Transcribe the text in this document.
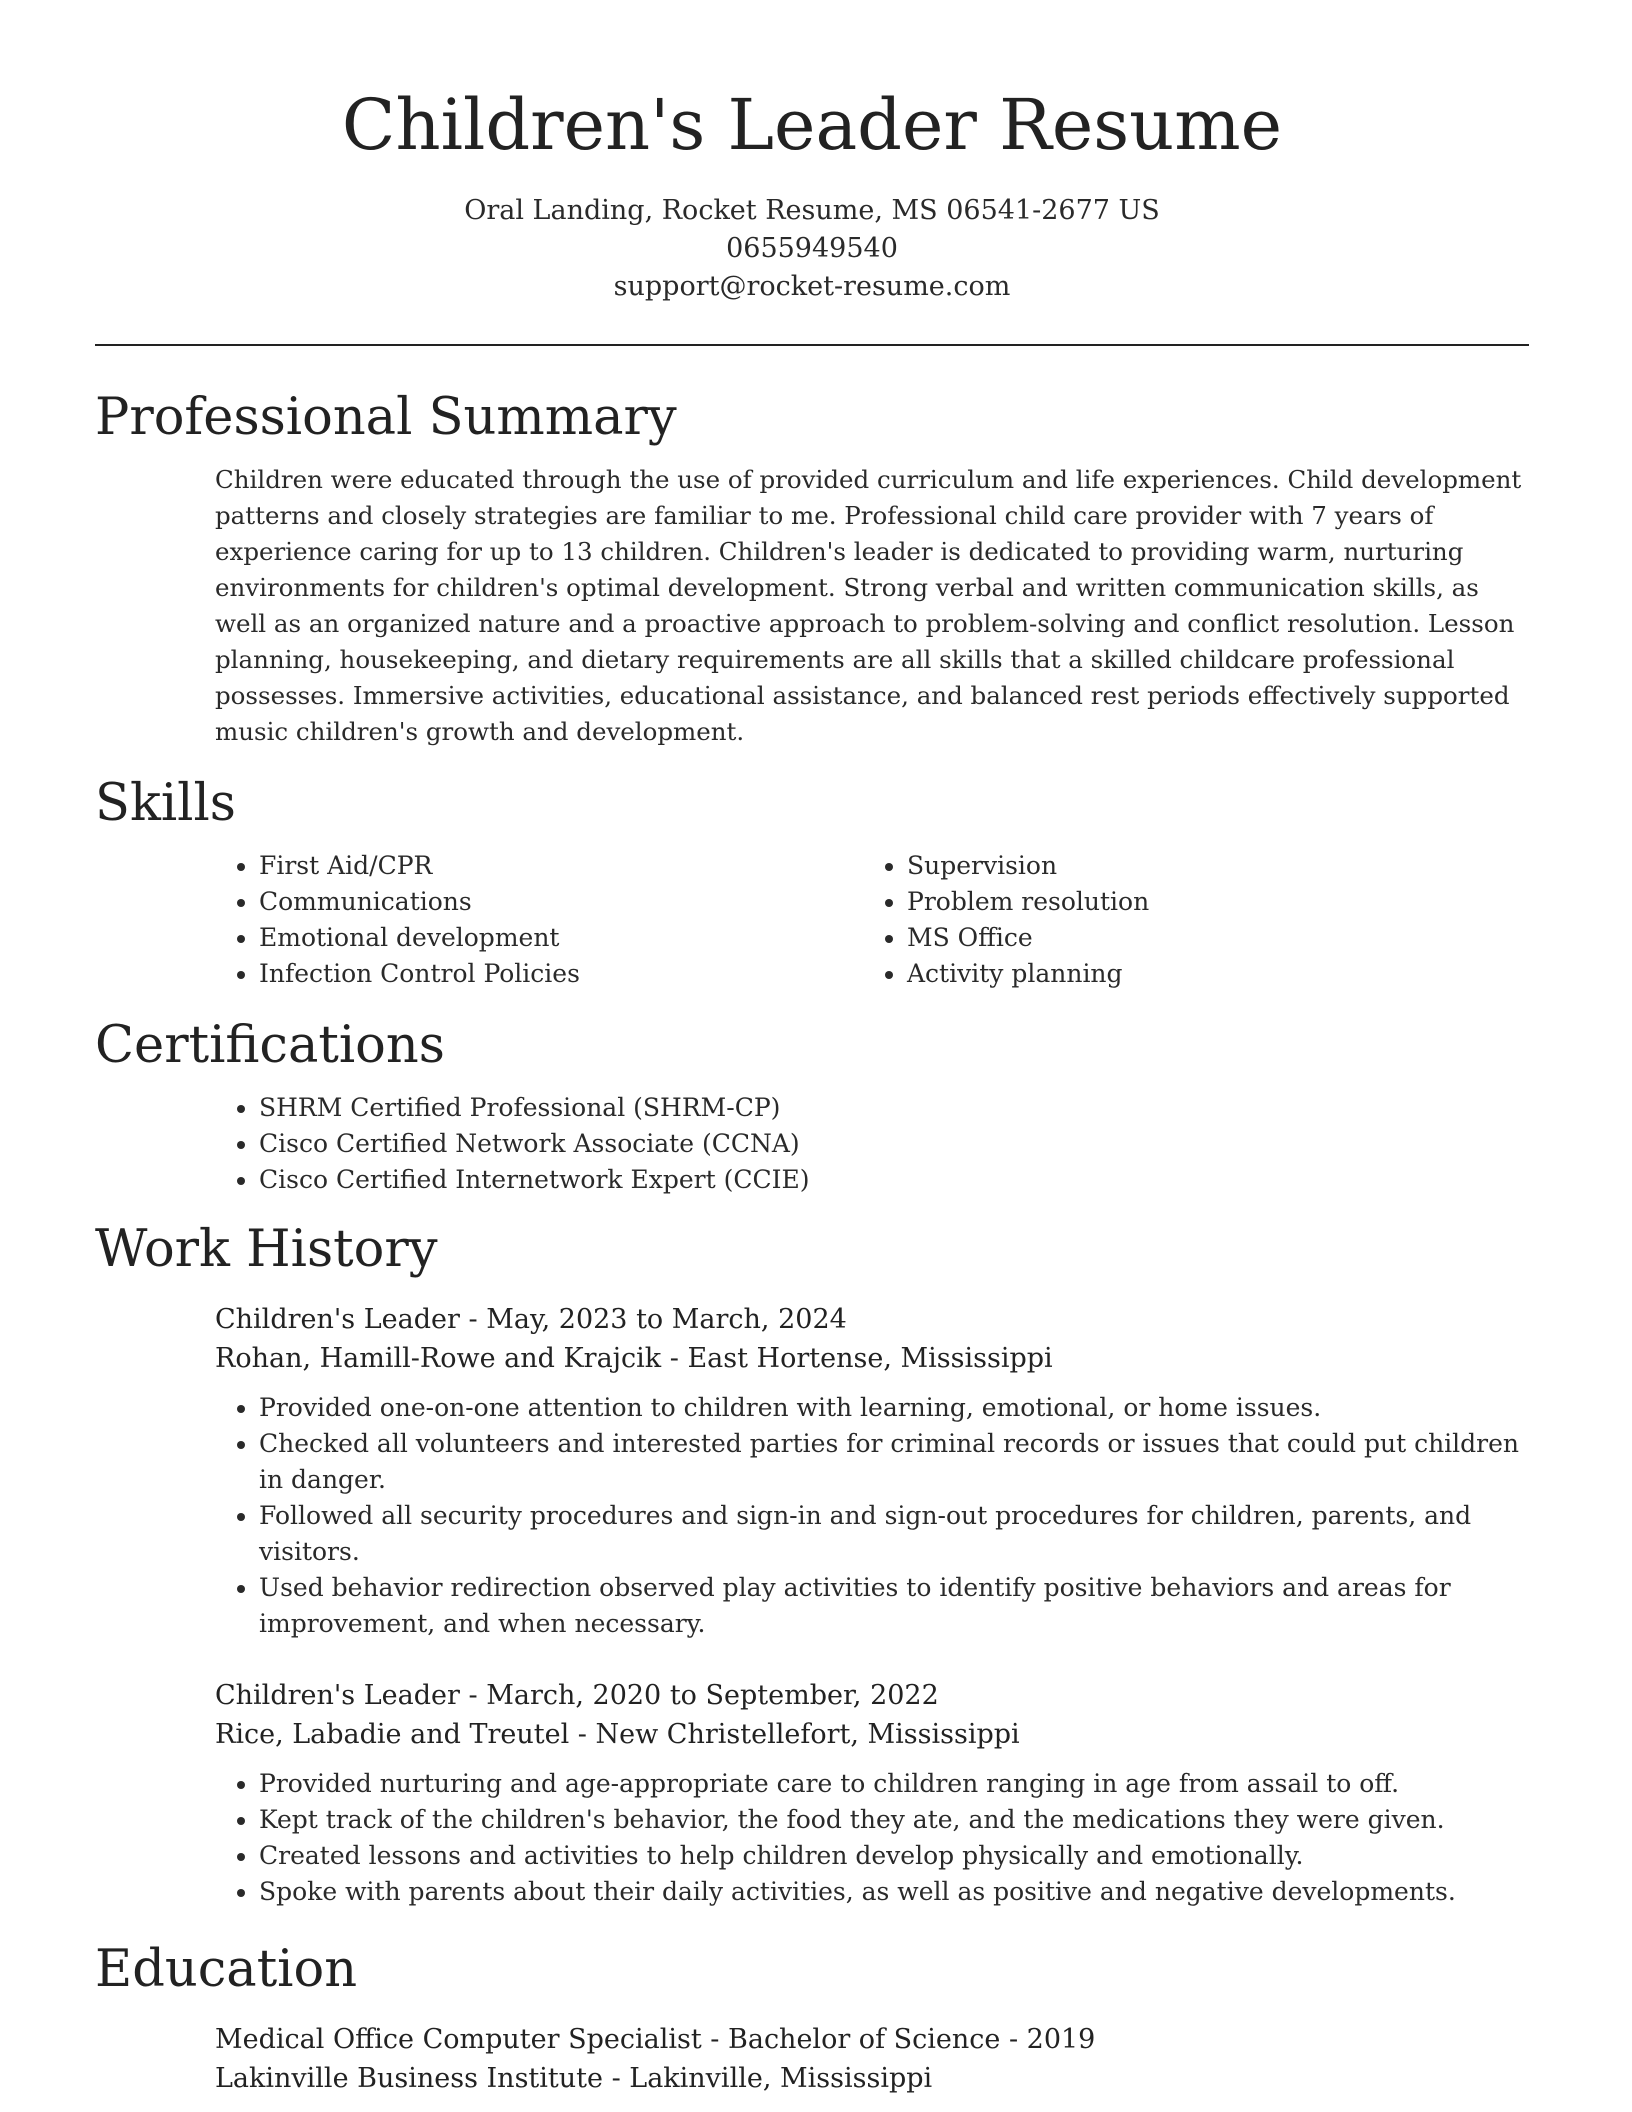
Children's Leader Resume
Oral Landing, Rocket Resume, MS 06541-2677 US
0655949540
support@rocket-resume.com
Professional Summary
Children were educated through the use of provided curriculum and life experiences. Child development patterns and closely strategies are familiar to me. Professional child care provider with 7 years of experience caring for up to 13 children. Children's leader is dedicated to providing warm, nurturing environments for children's optimal development. Strong verbal and written communication skills, as well as an organized nature and a proactive approach to problem-solving and conflict resolution. Lesson planning, housekeeping, and dietary requirements are all skills that a skilled childcare professional possesses. Immersive activities, educational assistance, and balanced rest periods effectively supported music children's growth and development.
Skills
• First Aid/CPR
• Communications
• Emotional development
• Infection Control Policies
• Supervision
• Problem resolution
• MS Office
• Activity planning
Certifications
• SHRM Certified Professional (SHRM-CP)
• Cisco Certified Network Associate (CCNA)
• Cisco Certified Internetwork Expert (CCIE)
Work History
Children's Leader - May, 2023 to March, 2024
Rohan, Hamill-Rowe and Krajcik - East Hortense, Mississippi
• Provided one-on-one attention to children with learning, emotional, or home issues.
• Checked all volunteers and interested parties for criminal records or issues that could put children in danger.
• Followed all security procedures and sign-in and sign-out procedures for children, parents, and visitors.
• Used behavior redirection observed play activities to identify positive behaviors and areas for improvement, and when necessary.
Children's Leader - March, 2020 to September, 2022
Rice, Labadie and Treutel - New Christellefort, Mississippi
• Provided nurturing and age-appropriate care to children ranging in age from assail to off.
• Kept track of the children's behavior, the food they ate, and the medications they were given.
• Created lessons and activities to help children develop physically and emotionally.
• Spoke with parents about their daily activities, as well as positive and negative developments.
Education
Medical Office Computer Specialist - Bachelor of Science - 2019
Lakinville Business Institute - Lakinville, Mississippi
